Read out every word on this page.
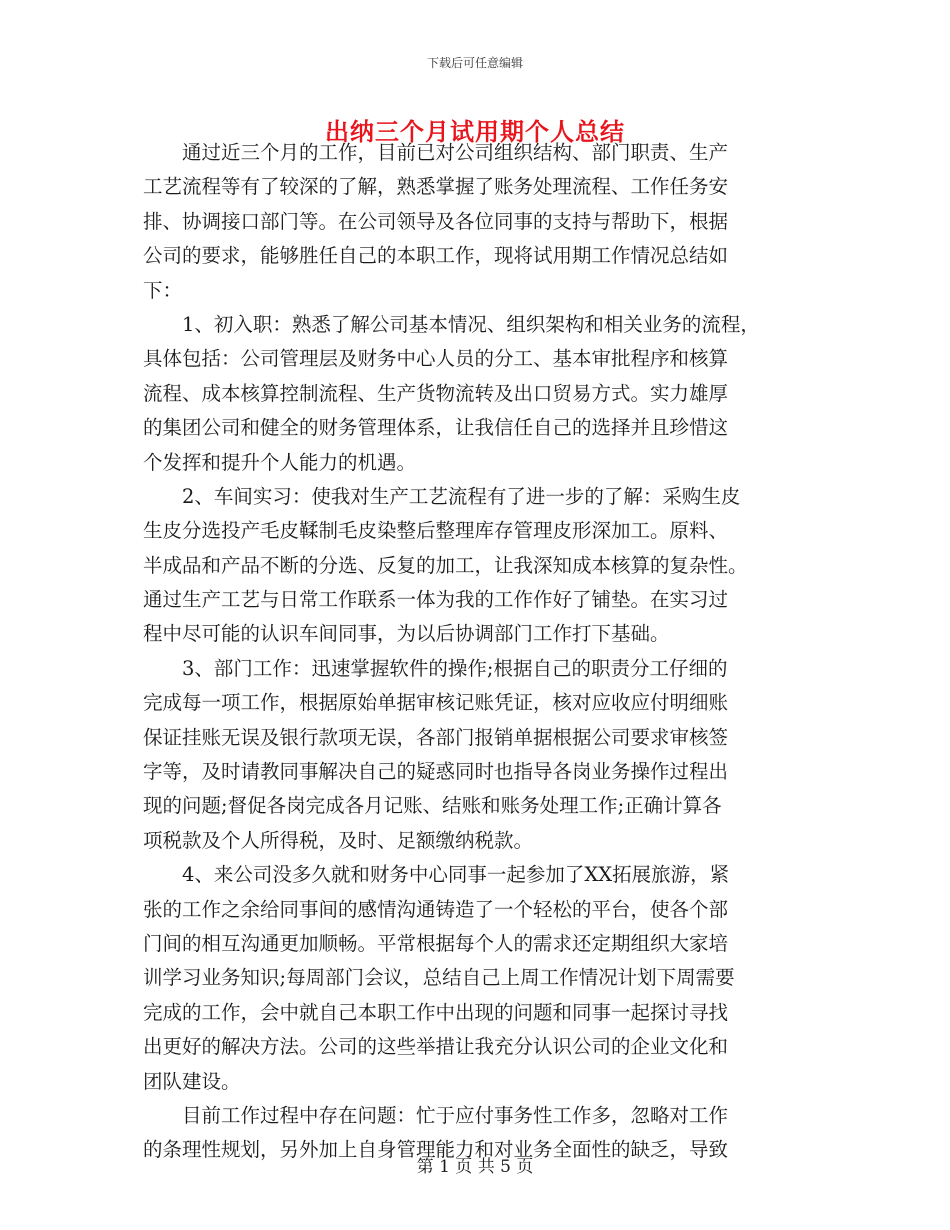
下载后可任意编辑
出纳三个月试用期个人总结
　　通过近三个月的工作，目前已对公司组织结构、部门职责、生产
工艺流程等有了较深的了解，熟悉掌握了账务处理流程、工作任务安
排、协调接口部门等。在公司领导及各位同事的支持与帮助下，根据
公司的要求，能够胜任自己的本职工作，现将试用期工作情况总结如
下：
　　1、初入职：熟悉了解公司基本情况、组织架构和相关业务的流程，
具体包括：公司管理层及财务中心人员的分工、基本审批程序和核算
流程、成本核算控制流程、生产货物流转及出口贸易方式。实力雄厚
的集团公司和健全的财务管理体系，让我信任自己的选择并且珍惜这
个发挥和提升个人能力的机遇。
　　2、车间实习：使我对生产工艺流程有了进一步的了解：采购生皮
生皮分选投产毛皮鞣制毛皮染整后整理库存管理皮形深加工。原料、
半成品和产品不断的分选、反复的加工，让我深知成本核算的复杂性。
通过生产工艺与日常工作联系一体为我的工作作好了铺垫。在实习过
程中尽可能的认识车间同事，为以后协调部门工作打下基础。
　　3、部门工作：迅速掌握软件的操作;根据自己的职责分工仔细的
完成每一项工作，根据原始单据审核记账凭证，核对应收应付明细账
保证挂账无误及银行款项无误，各部门报销单据根据公司要求审核签
字等，及时请教同事解决自己的疑惑同时也指导各岗业务操作过程出
现的问题;督促各岗完成各月记账、结账和账务处理工作;正确计算各
项税款及个人所得税，及时、足额缴纳税款。
　　4、来公司没多久就和财务中心同事一起参加了XX拓展旅游，紧
张的工作之余给同事间的感情沟通铸造了一个轻松的平台，使各个部
门间的相互沟通更加顺畅。平常根据每个人的需求还定期组织大家培
训学习业务知识;每周部门会议，总结自己上周工作情况计划下周需要
完成的工作，会中就自己本职工作中出现的问题和同事一起探讨寻找
出更好的解决方法。公司的这些举措让我充分认识公司的企业文化和
团队建设。
　　目前工作过程中存在问题：忙于应付事务性工作多，忽略对工作
的条理性规划，另外加上自身管理能力和对业务全面性的缺乏，导致
第 1 页 共 5 页
